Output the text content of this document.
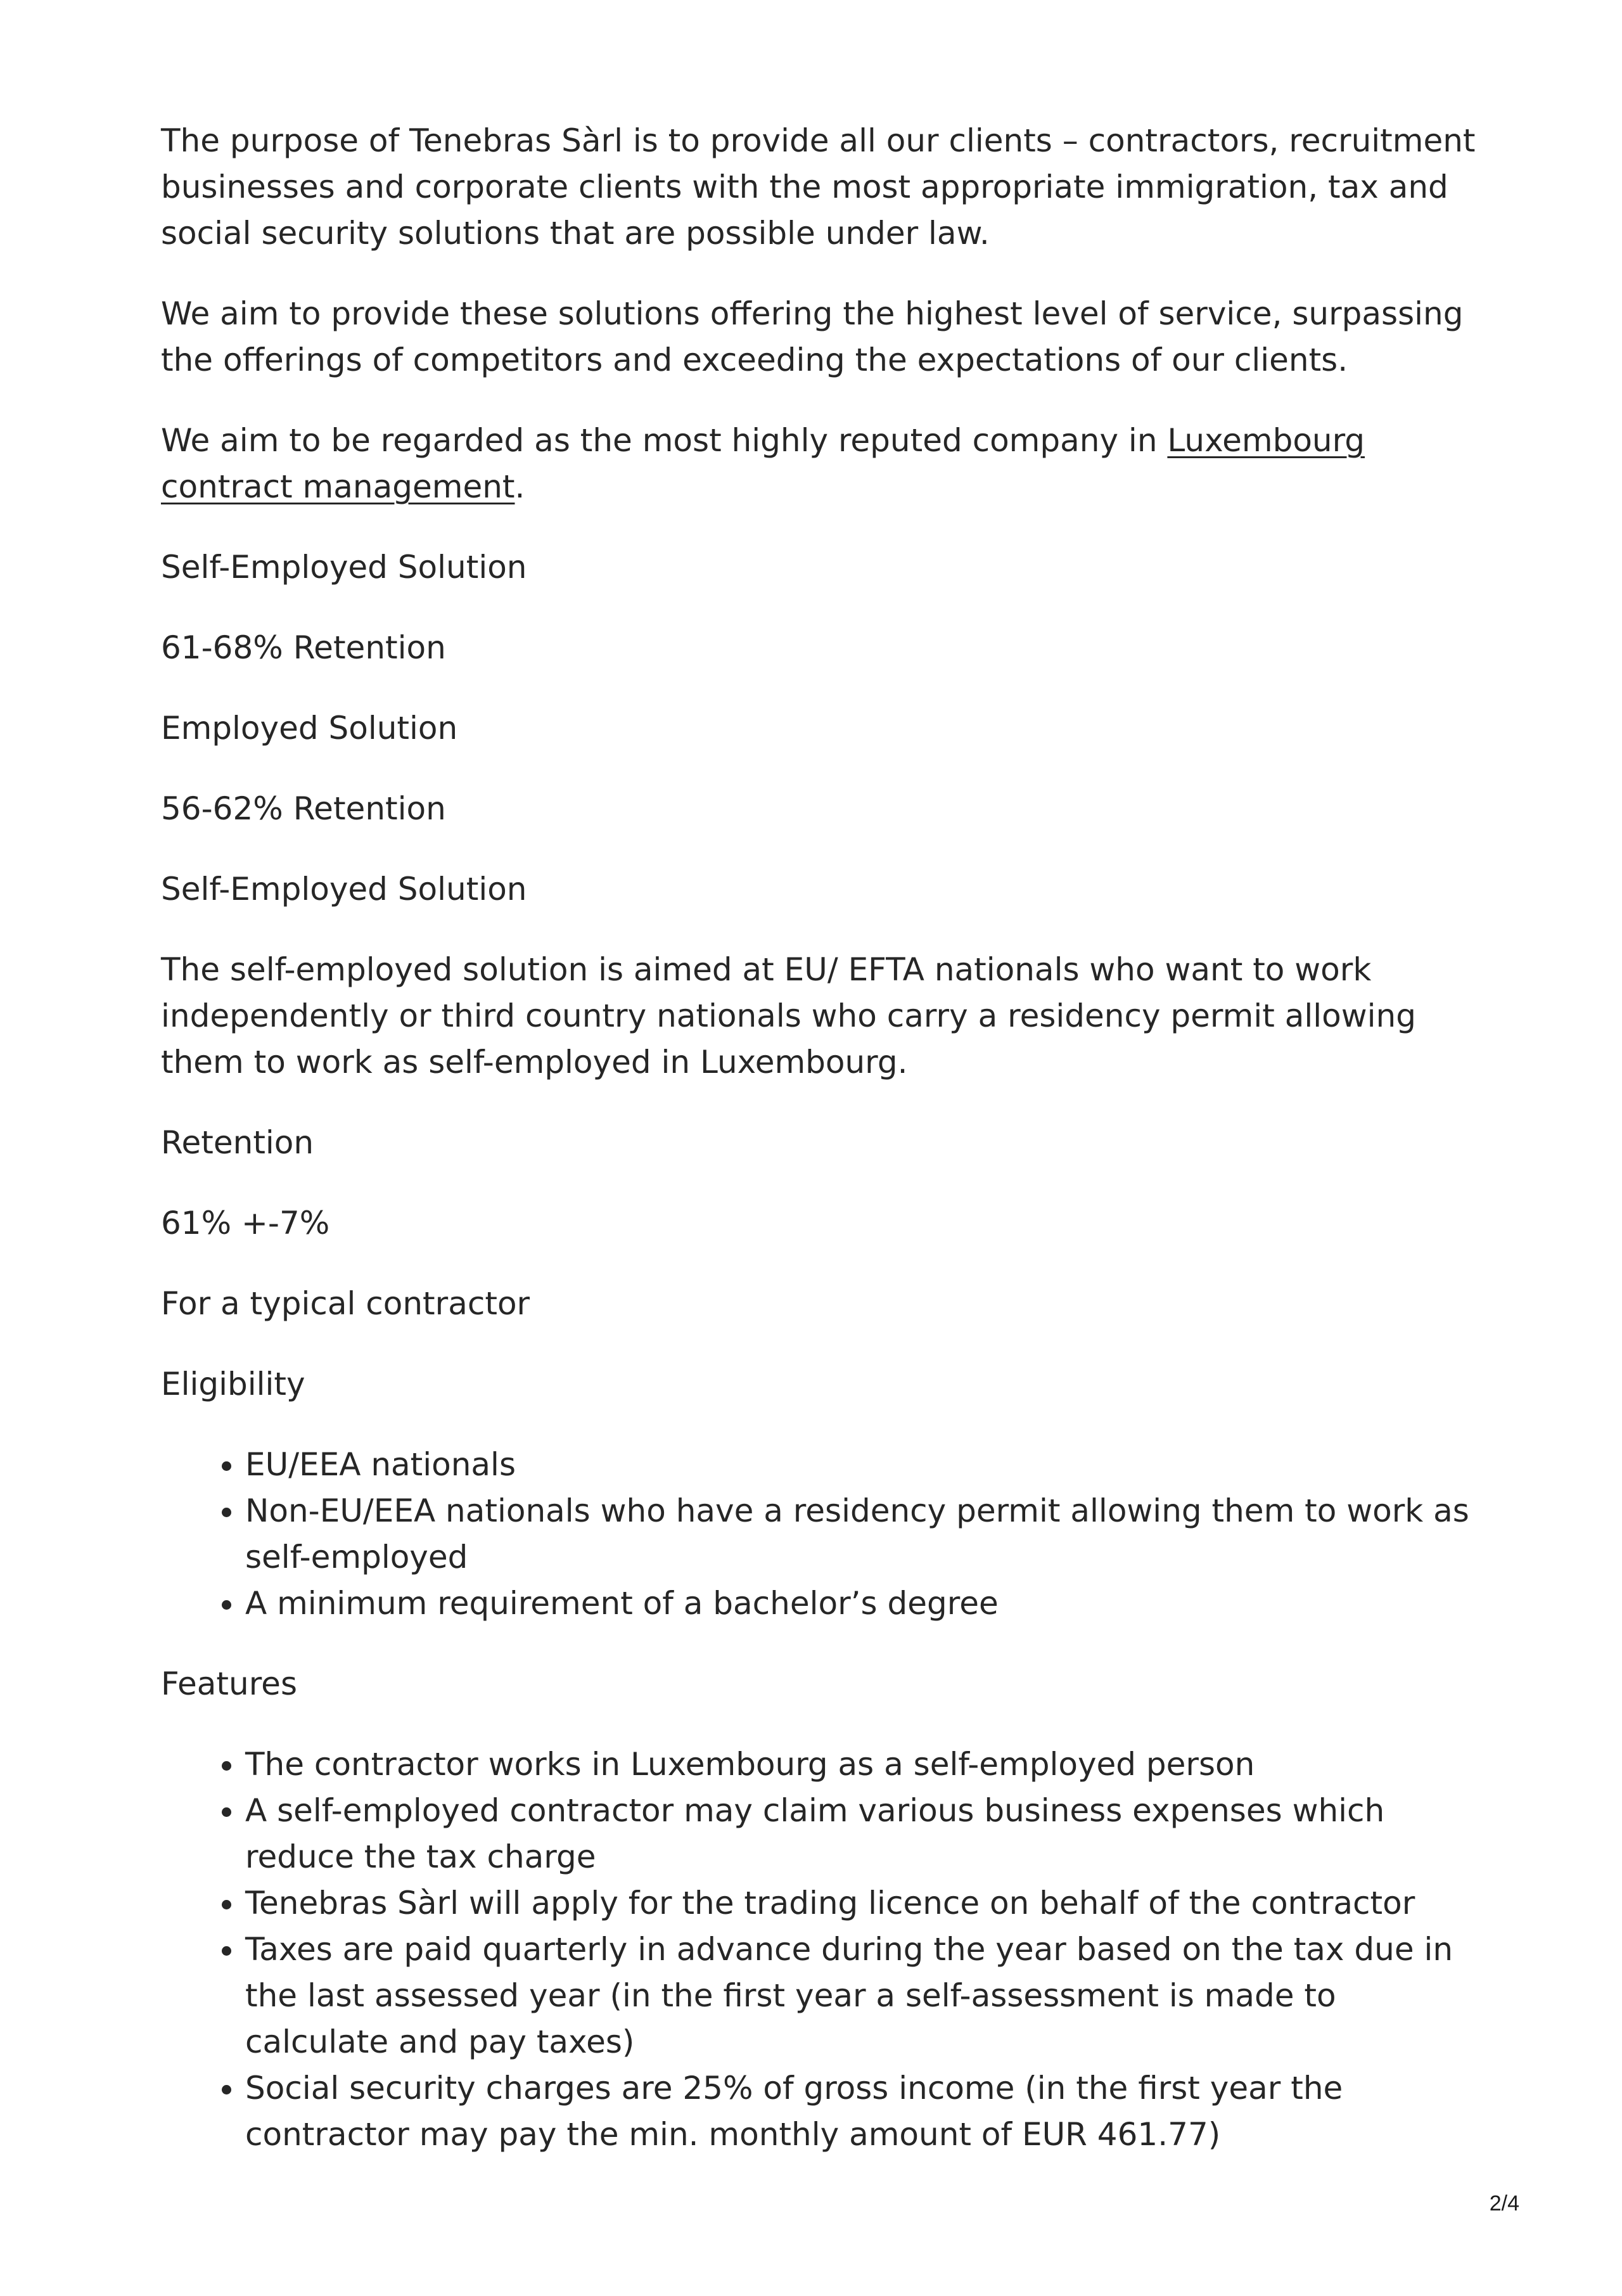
The purpose of Tenebras Sàrl is to provide all our clients – contractors, recruitment businesses and corporate clients with the most appropriate immigration, tax and social security solutions that are possible under law.

We aim to provide these solutions offering the highest level of service, surpassing the offerings of competitors and exceeding the expectations of our clients.

We aim to be regarded as the most highly reputed company in Luxembourg contract management.

Self-Employed Solution

61-68% Retention

Employed Solution

56-62% Retention

Self-Employed Solution

The self-employed solution is aimed at EU/ EFTA nationals who want to work independently or third country nationals who carry a residency permit allowing them to work as self-employed in Luxembourg.

Retention

61% +-7%

For a typical contractor

Eligibility

• EU/EEA nationals
• Non-EU/EEA nationals who have a residency permit allowing them to work as self-employed
• A minimum requirement of a bachelor’s degree

Features

• The contractor works in Luxembourg as a self-employed person
• A self-employed contractor may claim various business expenses which reduce the tax charge
• Tenebras Sàrl will apply for the trading licence on behalf of the contractor
• Taxes are paid quarterly in advance during the year based on the tax due in the last assessed year (in the first year a self-assessment is made to calculate and pay taxes)
• Social security charges are 25% of gross income (in the first year the contractor may pay the min. monthly amount of EUR 461.77)
2/4
